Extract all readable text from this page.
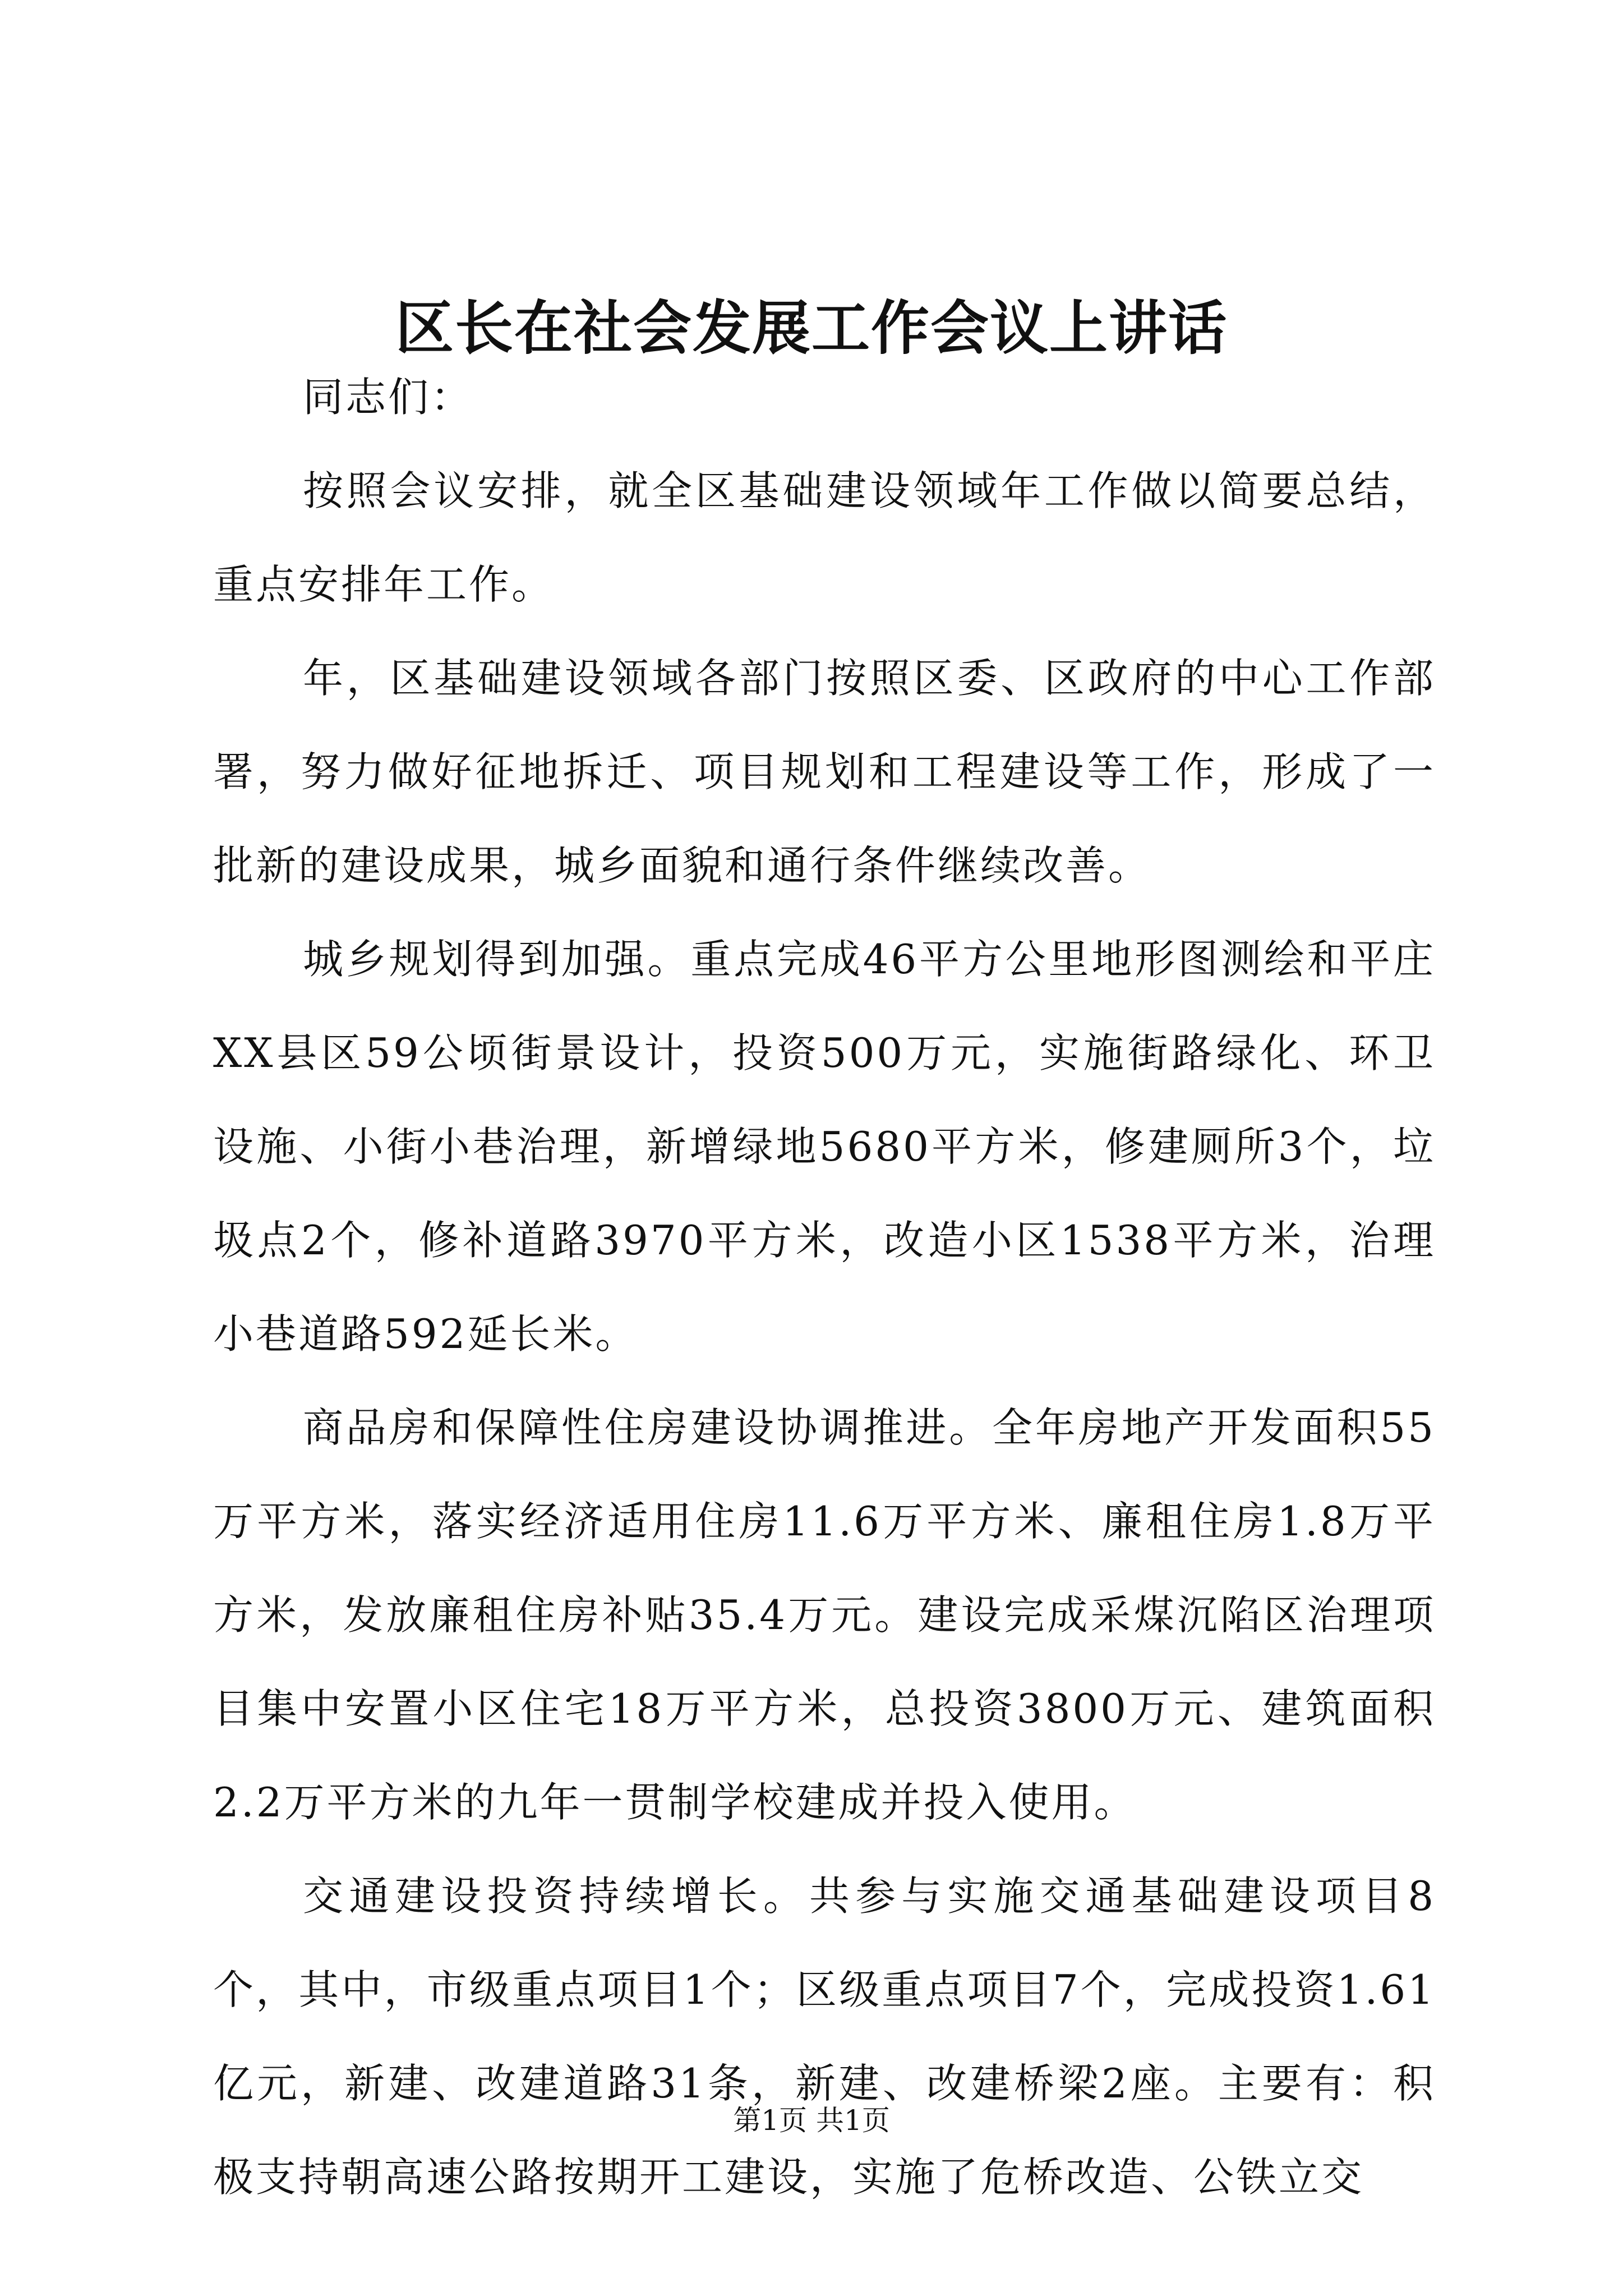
区长在社会发展工作会议上讲话

同志们：

按照会议安排，就全区基础建设领域年工作做以简要总结，重点安排年工作。

年，区基础建设领域各部门按照区委、区政府的中心工作部署，努力做好征地拆迁、项目规划和工程建设等工作，形成了一批新的建设成果，城乡面貌和通行条件继续改善。

城乡规划得到加强。重点完成46平方公里地形图测绘和平庄XX县区59公顷街景设计，投资500万元，实施街路绿化、环卫设施、小街小巷治理，新增绿地5680平方米，修建厕所3个，垃圾点2个，修补道路3970平方米，改造小区1538平方米，治理小巷道路592延长米。

商品房和保障性住房建设协调推进。全年房地产开发面积55万平方米，落实经济适用住房11.6万平方米、廉租住房1.8万平方米，发放廉租住房补贴35.4万元。建设完成采煤沉陷区治理项目集中安置小区住宅18万平方米，总投资3800万元、建筑面积2.2万平方米的九年一贯制学校建成并投入使用。

交通建设投资持续增长。共参与实施交通基础建设项目8个，其中，市级重点项目1个；区级重点项目7个，完成投资1.61亿元，新建、改建道路31条，新建、改建桥梁2座。主要有：积极支持朝高速公路按期开工建设，实施了危桥改造、公铁立交

第1页 共1页
